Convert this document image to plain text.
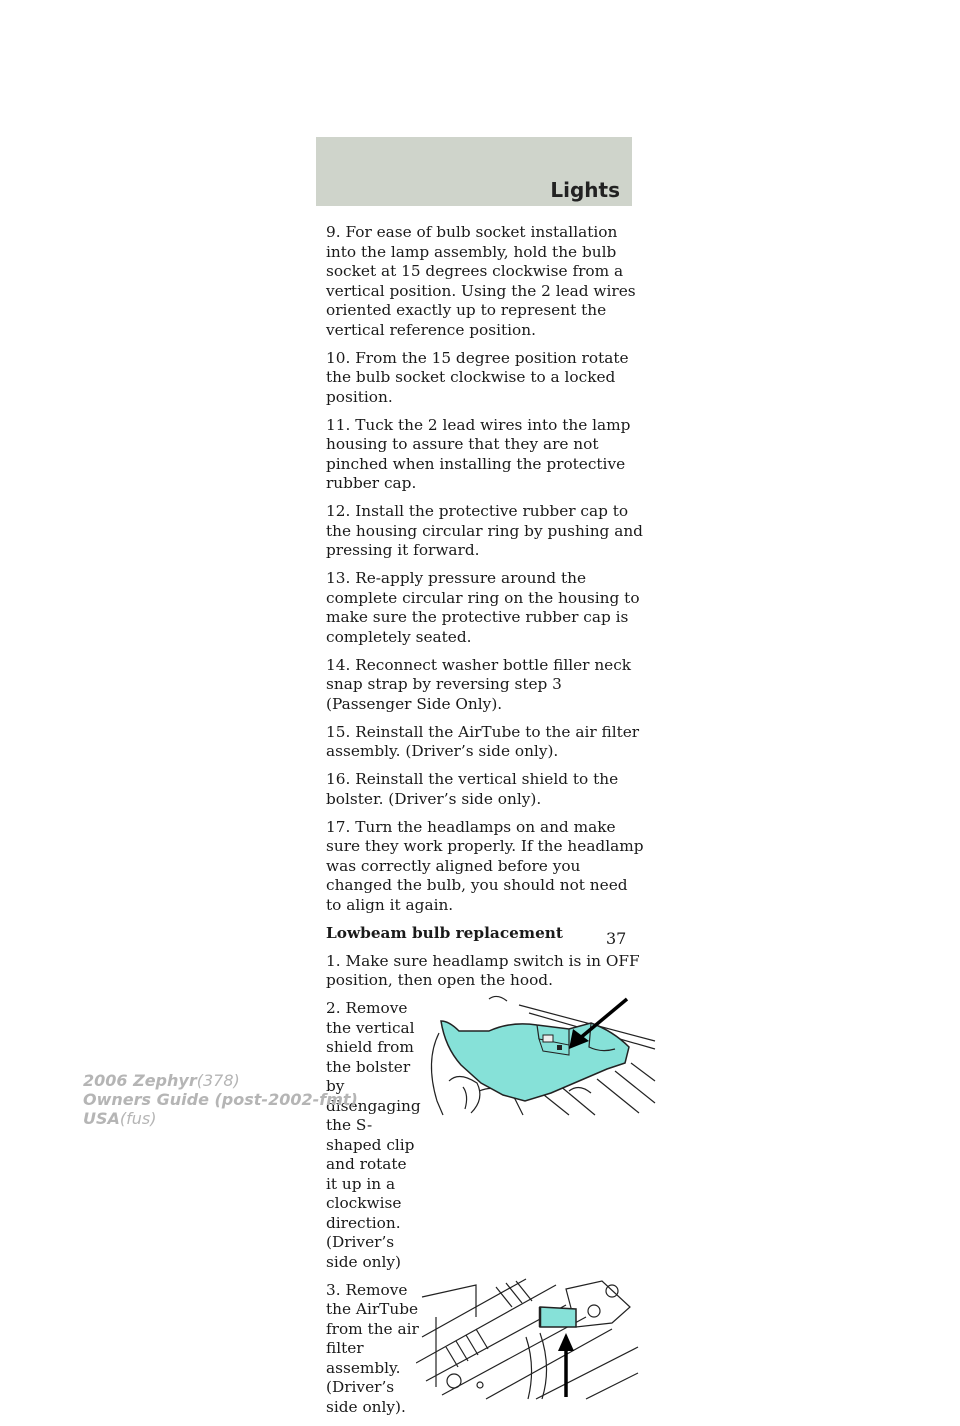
Lights

9. For ease of bulb socket installation into the lamp assembly, hold the bulb socket at 15 degrees clockwise from a vertical position. Using the 2 lead wires oriented exactly up to represent the vertical reference position.

10. From the 15 degree position rotate the bulb socket clockwise to a locked position.

11. Tuck the 2 lead wires into the lamp housing to assure that they are not pinched when installing the protective rubber cap.

12. Install the protective rubber cap to the housing circular ring by pushing and pressing it forward.

13. Re-apply pressure around the complete circular ring on the housing to make sure the protective rubber cap is completely seated.

14. Reconnect washer bottle filler neck snap strap by reversing step 3 (Passenger Side Only).

15. Reinstall the AirTube to the air filter assembly. (Driver’s side only).

16. Reinstall the vertical shield to the bolster. (Driver’s side only).

17. Turn the headlamps on and make sure they work properly. If the headlamp was correctly aligned before you changed the bulb, you should not need to align it again.

Lowbeam bulb replacement

1. Make sure headlamp switch is in OFF position, then open the hood.

2. Remove the vertical shield from the bolster by disengaging the S-shaped clip and rotate it up in a clockwise direction. (Driver’s side only)

3. Remove the AirTube from the air filter assembly. (Driver’s side only).

37
2006 Zephyr(378)
Owners Guide (post-2002-fmt)
USA(fus)
